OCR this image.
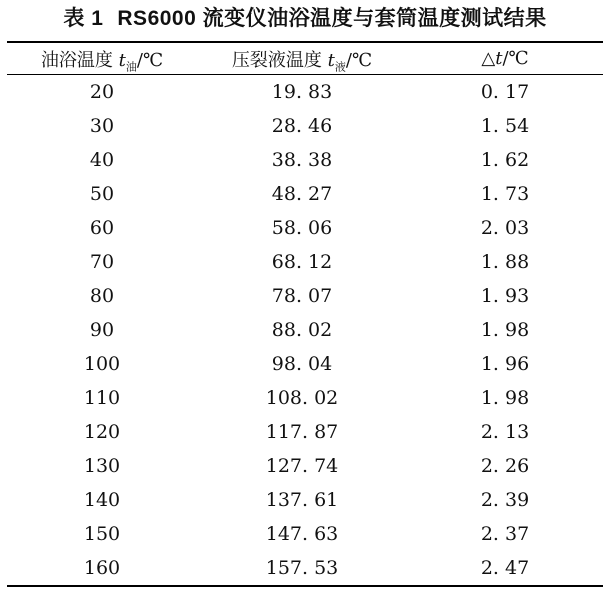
表 1 RS6000 流变仪油浴温度与套筒温度测试结果
油浴温度 $t_油/℃$	压裂液温度 $t_液/℃$	△t/℃
20	19. 83	0. 17
30	28. 46	1. 54
40	38. 38	1. 62
50	48. 27	1. 73
60	58. 06	2. 03
70	68. 12	1. 88
80	78. 07	1. 93
90	88. 02	1. 98
100	98. 04	1. 96
110	108. 02	1. 98
120	117. 87	2. 13
130	127. 74	2. 26
140	137. 61	2. 39
150	147. 63	2. 37
160	157. 53	2. 47
